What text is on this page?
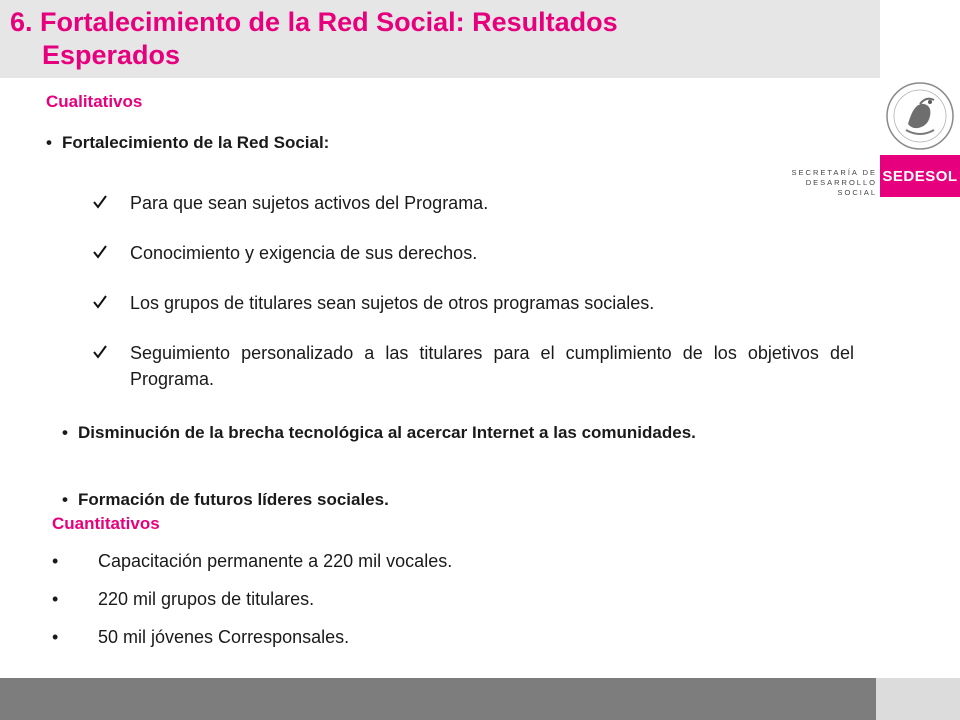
6. Fortalecimiento de la Red Social: Resultados
Esperados
SECRETARÍA DE
DESARROLLO SOCIAL
SEDESOL
Cualitativos

• Fortalecimiento de la Red Social:

Para que sean sujetos activos del Programa.
Conocimiento y exigencia de sus derechos.
Los grupos de titulares sean sujetos de otros programas sociales.
Seguimiento personalizado a las titulares para el cumplimiento de los objetivos del Programa.

• Disminución de la brecha tecnológica al acercar Internet a las comunidades.

• Formación de futuros líderes sociales.

Cuantitativos
• Capacitación permanente a 220 mil vocales.
• 220 mil grupos de titulares.
• 50 mil jóvenes Corresponsales.
